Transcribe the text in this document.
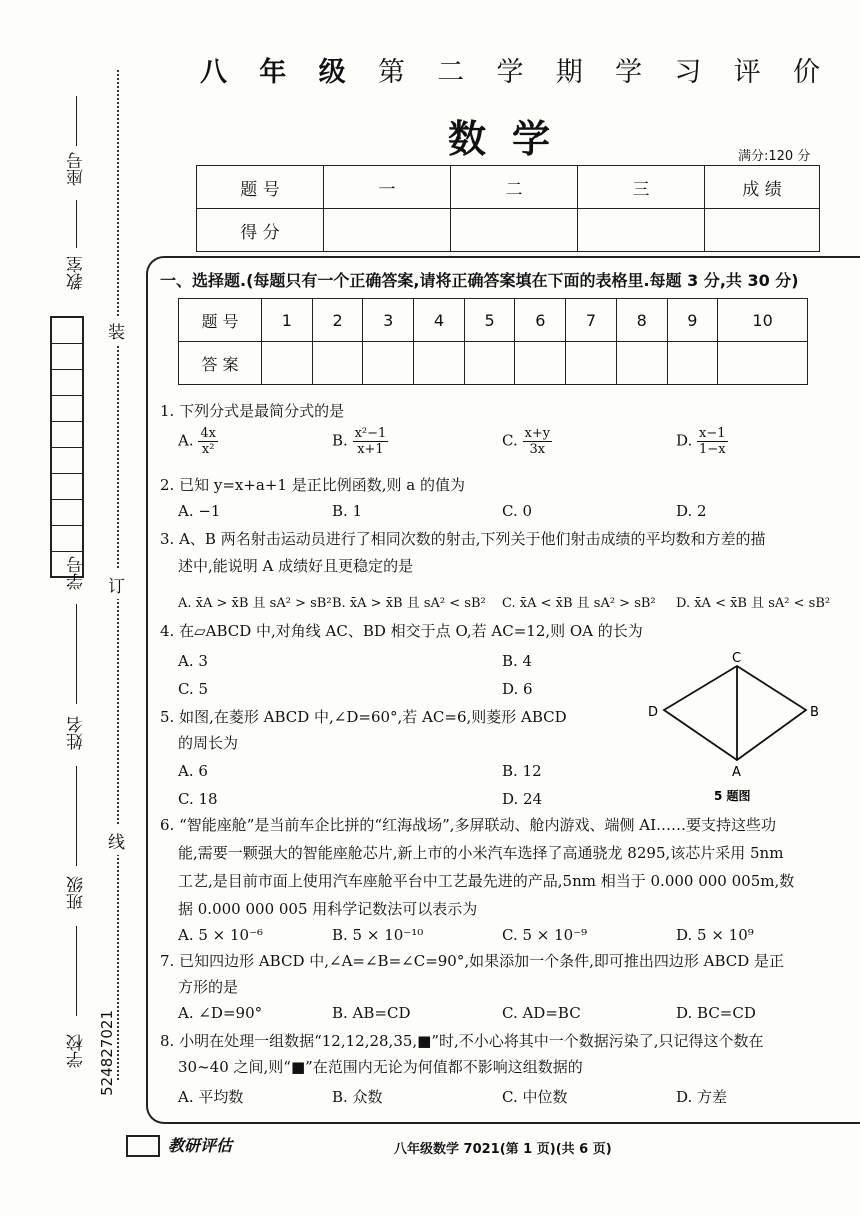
座号
教室
学号
姓名
班级
学校 524827021
装
订
线
八 年 级 第 二 学 期 学 习 评 价
数学	满分:120 分
题 号	一	二	三	成 绩
得 分				
一、选择题.(每题只有一个正确答案,请将正确答案填在下面的表格里.每题 3 分,共 30 分)
题 号	1	2	3	4	5	6	7	8	9	10
答 案										
1. 下列分式是最简分式的是
A. $\frac{4x}{\text{x²}}$	B. $\frac{\text{x²−1}}{x+1}$	C. $\frac{x+y}{3x}$	D. $\frac{x-1}{1-x}$
2. 已知 y=x+a+1 是正比例函数,则 a 的值为
A. −1	B. 1	C. 0	D. 2
3. A、B 两名射击运动员进行了相同次数的射击,下列关于他们射击成绩的平均数和方差的描
述中,能说明 A 成绩好且更稳定的是
A. x̄A > x̄B 且 sA² > sB² B. x̄A > x̄B 且 sA² < sB² C. x̄A < x̄B 且 sA² > sB² D. x̄A < x̄B 且 sA² < sB²
4. 在▱ABCD 中,对角线 AC、BD 相交于点 O,若 AC=12,则 OA 的长为
A. 3	B. 4
C. 5	D. 6
5. 如图,在菱形 ABCD 中,∠D=60°,若 AC=6,则菱形 ABCD
的周长为
A. 6	B. 12
C. 18	D. 24
C
B
A
D
5 题图
6. “智能座舱”是当前车企比拼的“红海战场”,多屏联动、舱内游戏、端侧 AI……要支持这些功
能,需要一颗强大的智能座舱芯片,新上市的小米汽车选择了高通骁龙 8295,该芯片采用 5nm
工艺,是目前市面上使用汽车座舱平台中工艺最先进的产品,5nm 相当于 0.000 000 005m,数
据 0.000 000 005 用科学记数法可以表示为
A. 5 × 10⁻⁶	B. 5 × 10⁻¹⁰	C. 5 × 10⁻⁹	D. 5 × 10⁹
7. 已知四边形 ABCD 中,∠A=∠B=∠C=90°,如果添加一个条件,即可推出四边形 ABCD 是正
方形的是
A. ∠D=90°	B. AB=CD	C. AD=BC	D. BC=CD
8. 小明在处理一组数据“12,12,28,35,■”时,不小心将其中一个数据污染了,只记得这个数在
30~40 之间,则“■”在范围内无论为何值都不影响这组数据的
A. 平均数	B. 众数	C. 中位数	D. 方差
教研评估	八年级数学 7021(第 1 页)(共 6 页)
